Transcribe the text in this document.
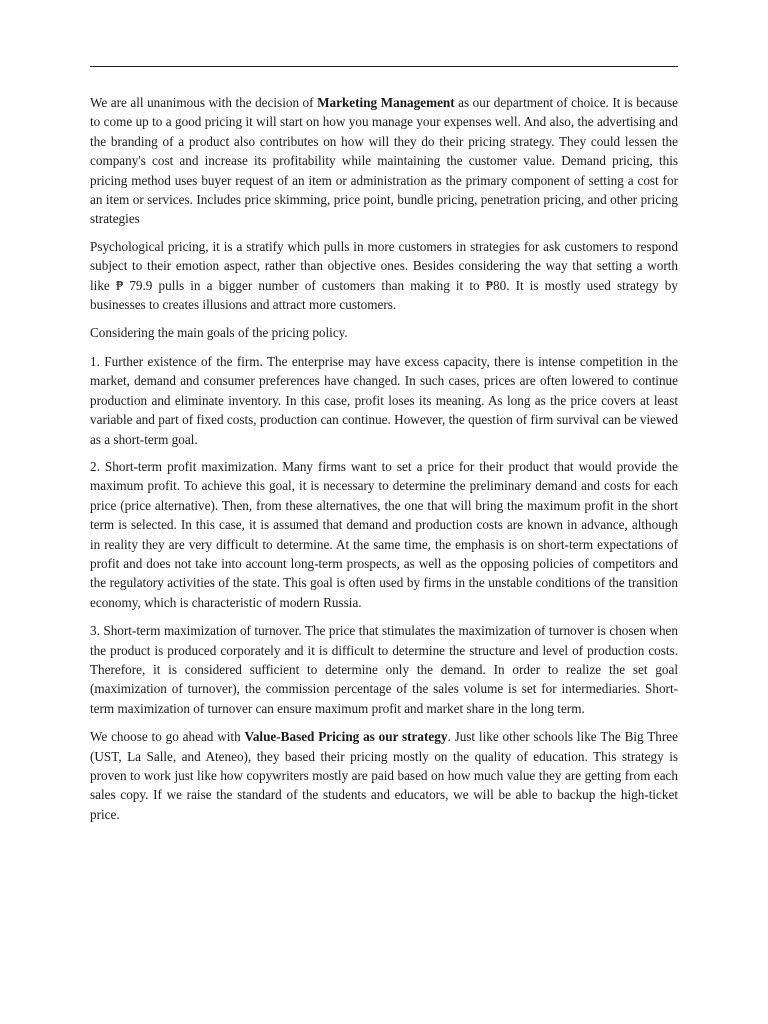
We are all unanimous with the decision of Marketing Management as our department of choice. It is because to come up to a good pricing it will start on how you manage your expenses well. And also, the advertising and the branding of a product also contributes on how will they do their pricing strategy. They could lessen the company's cost and increase its profitability while maintaining the customer value. Demand pricing, this pricing method uses buyer request of an item or administration as the primary component of setting a cost for an item or services. Includes price skimming, price point, bundle pricing, penetration pricing, and other pricing strategies

Psychological pricing, it is a stratify which pulls in more customers in strategies for ask customers to respond subject to their emotion aspect, rather than objective ones. Besides considering the way that setting a worth like ₱ 79.9 pulls in a bigger number of customers than making it to ₱80. It is mostly used strategy by businesses to creates illusions and attract more customers.

Considering the main goals of the pricing policy.

1. Further existence of the firm. The enterprise may have excess capacity, there is intense competition in the market, demand and consumer preferences have changed. In such cases, prices are often lowered to continue production and eliminate inventory. In this case, profit loses its meaning. As long as the price covers at least variable and part of fixed costs, production can continue. However, the question of firm survival can be viewed as a short-term goal.

2. Short-term profit maximization. Many firms want to set a price for their product that would provide the maximum profit. To achieve this goal, it is necessary to determine the preliminary demand and costs for each price (price alternative). Then, from these alternatives, the one that will bring the maximum profit in the short term is selected. In this case, it is assumed that demand and production costs are known in advance, although in reality they are very difficult to determine. At the same time, the emphasis is on short-term expectations of profit and does not take into account long-term prospects, as well as the opposing policies of competitors and the regulatory activities of the state. This goal is often used by firms in the unstable conditions of the transition economy, which is characteristic of modern Russia.

3. Short-term maximization of turnover. The price that stimulates the maximization of turnover is chosen when the product is produced corporately and it is difficult to determine the structure and level of production costs. Therefore, it is considered sufficient to determine only the demand. In order to realize the set goal (maximization of turnover), the commission percentage of the sales volume is set for intermediaries. Short-term maximization of turnover can ensure maximum profit and market share in the long term.

We choose to go ahead with Value-Based Pricing as our strategy. Just like other schools like The Big Three (UST, La Salle, and Ateneo), they based their pricing mostly on the quality of education. This strategy is proven to work just like how copywriters mostly are paid based on how much value they are getting from each sales copy. If we raise the standard of the students and educators, we will be able to backup the high-ticket price.
